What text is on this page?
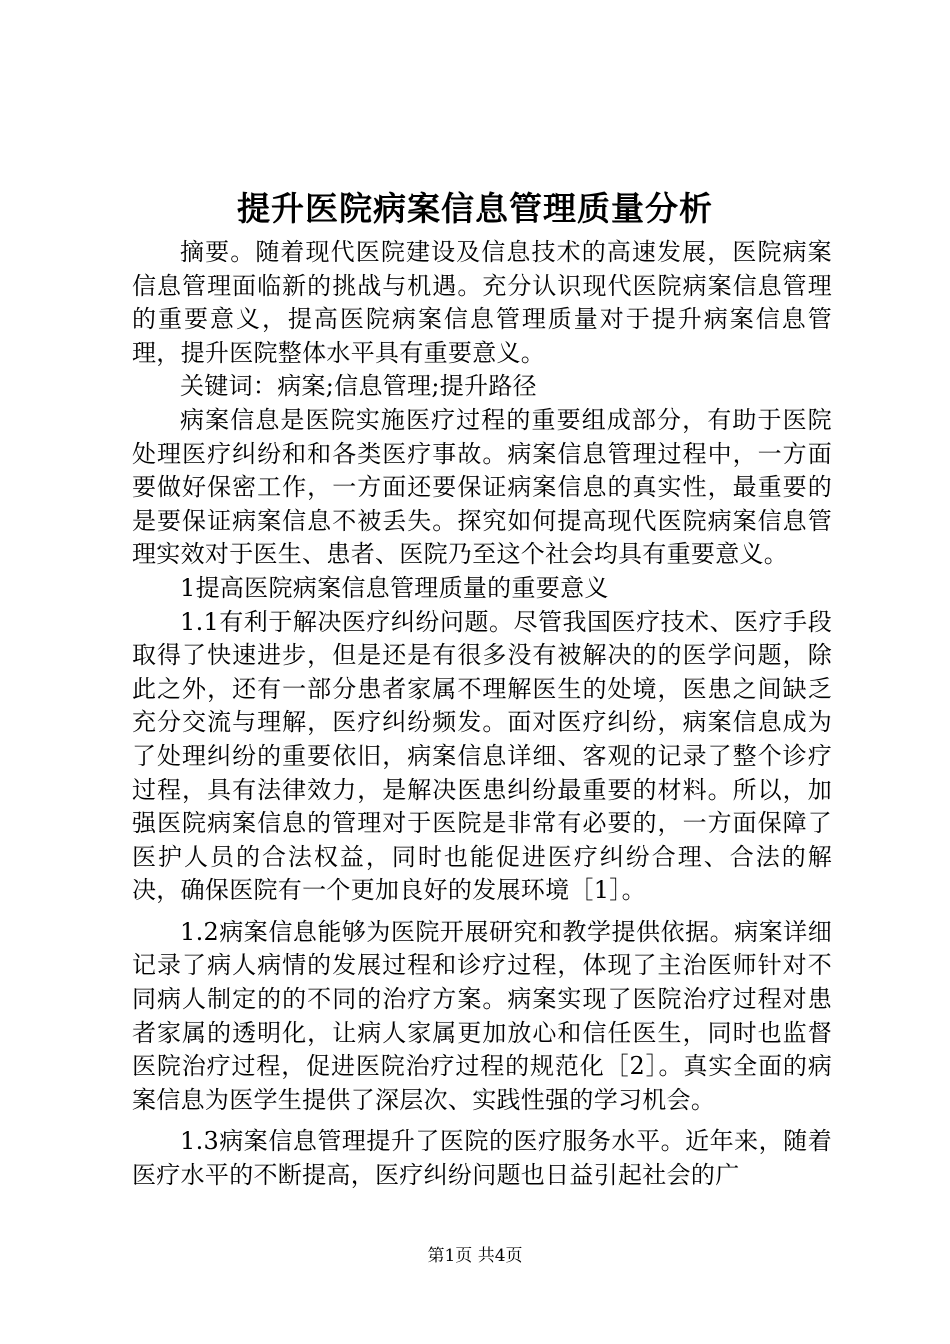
提升医院病案信息管理质量分析

摘要。随着现代医院建设及信息技术的高速发展，医院病案信息管理面临新的挑战与机遇。充分认识现代医院病案信息管理的重要意义，提高医院病案信息管理质量对于提升病案信息管理，提升医院整体水平具有重要意义。

关键词：病案;信息管理;提升路径

病案信息是医院实施医疗过程的重要组成部分，有助于医院处理医疗纠纷和和各类医疗事故。病案信息管理过程中，一方面要做好保密工作，一方面还要保证病案信息的真实性，最重要的是要保证病案信息不被丢失。探究如何提高现代医院病案信息管理实效对于医生、患者、医院乃至这个社会均具有重要意义。

1提高医院病案信息管理质量的重要意义

1.1有利于解决医疗纠纷问题。尽管我国医疗技术、医疗手段取得了快速进步，但是还是有很多没有被解决的的医学问题，除此之外，还有一部分患者家属不理解医生的处境，医患之间缺乏充分交流与理解，医疗纠纷频发。面对医疗纠纷，病案信息成为了处理纠纷的重要依旧，病案信息详细、客观的记录了整个诊疗过程，具有法律效力，是解决医患纠纷最重要的材料。所以，加强医院病案信息的管理对于医院是非常有必要的，一方面保障了医护人员的合法权益，同时也能促进医疗纠纷合理、合法的解决，确保医院有一个更加良好的发展环境［1］。

1.2病案信息能够为医院开展研究和教学提供依据。病案详细记录了病人病情的发展过程和诊疗过程，体现了主治医师针对不同病人制定的的不同的治疗方案。病案实现了医院治疗过程对患者家属的透明化，让病人家属更加放心和信任医生，同时也监督医院治疗过程，促进医院治疗过程的规范化［2］。真实全面的病案信息为医学生提供了深层次、实践性强的学习机会。

1.3病案信息管理提升了医院的医疗服务水平。近年来，随着医疗水平的不断提高，医疗纠纷问题也日益引起社会的广

第1页 共4页
